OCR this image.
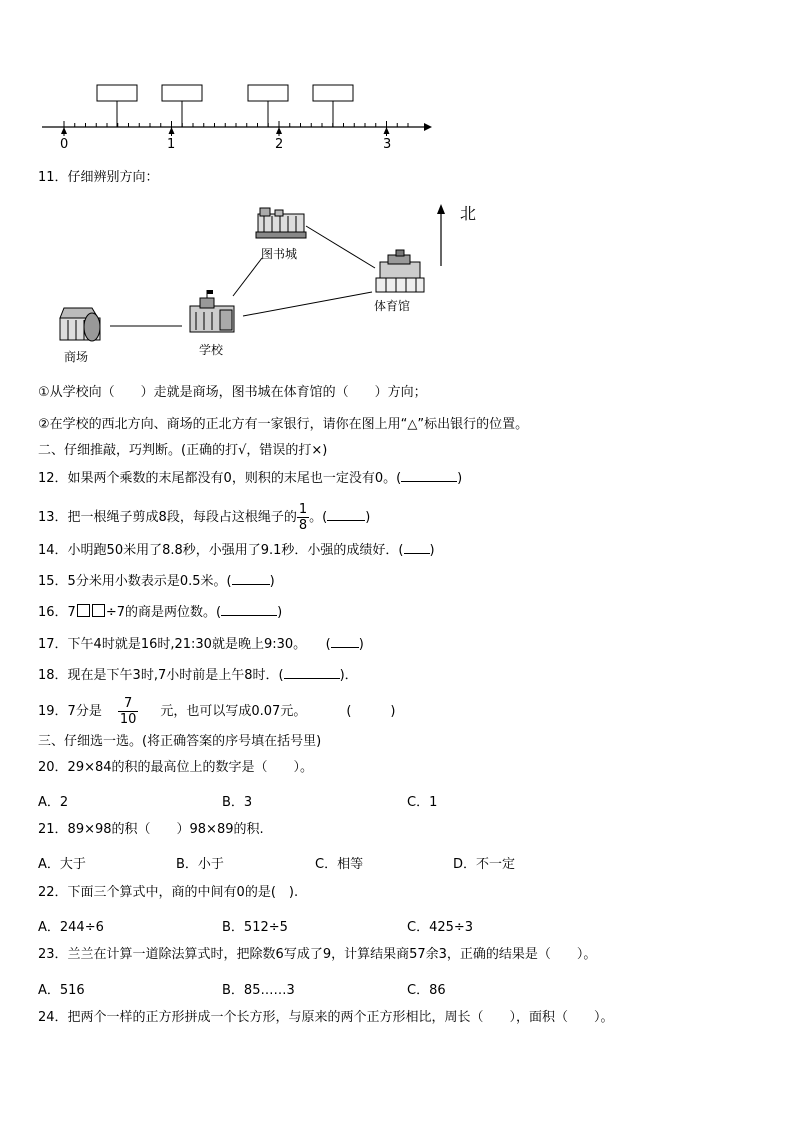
0	1	2	3
11．仔细辨别方向：
北
图书城
体育馆
商场	学校
①从学校向（　　）走就是商场，图书城在体育馆的（　　）方向；
②在学校的西北方向、商场的正北方有一家银行，请你在图上用“△”标出银行的位置。
二、仔细推敲，巧判断。(正确的打√，错误的打×)
12．如果两个乘数的末尾都没有0，则积的末尾也一定没有0。(	)
13．把一根绳子剪成8段，每段占这根绳子的 $\frac{1}{8}$ 。(	)
14．小明跑50米用了8.8秒，小强用了9.1秒．小强的成绩好．( )
15．5分米用小数表示是0.5米。(	)
16．7 ÷7的商是两位数。(	)
17．下午4时就是16时,21:30就是晚上9:30。　　( )
18．现在是下午3时,7小时前是上午8时．(	)．
19．7分是 $\frac{7}{10}$ 元，也可以写成0.07元。	(　　　)
三、仔细选一选。(将正确答案的序号填在括号里)
20．29×84的积的最高位上的数字是（　　）。
A．2	B．3	C．1
21．89×98的积（　　）98×89的积.
A．大于	B．小于	C．相等	D．不一定
22．下面三个算式中，商的中间有0的是(　).
A．244÷6	B．512÷5	C．425÷3
23．兰兰在计算一道除法算式时，把除数6写成了9，计算结果商57余3，正确的结果是（　　）。
A．516	B．85……3	C．86
24．把两个一样的正方形拼成一个长方形，与原来的两个正方形相比，周长（　　），面积（　　）。
